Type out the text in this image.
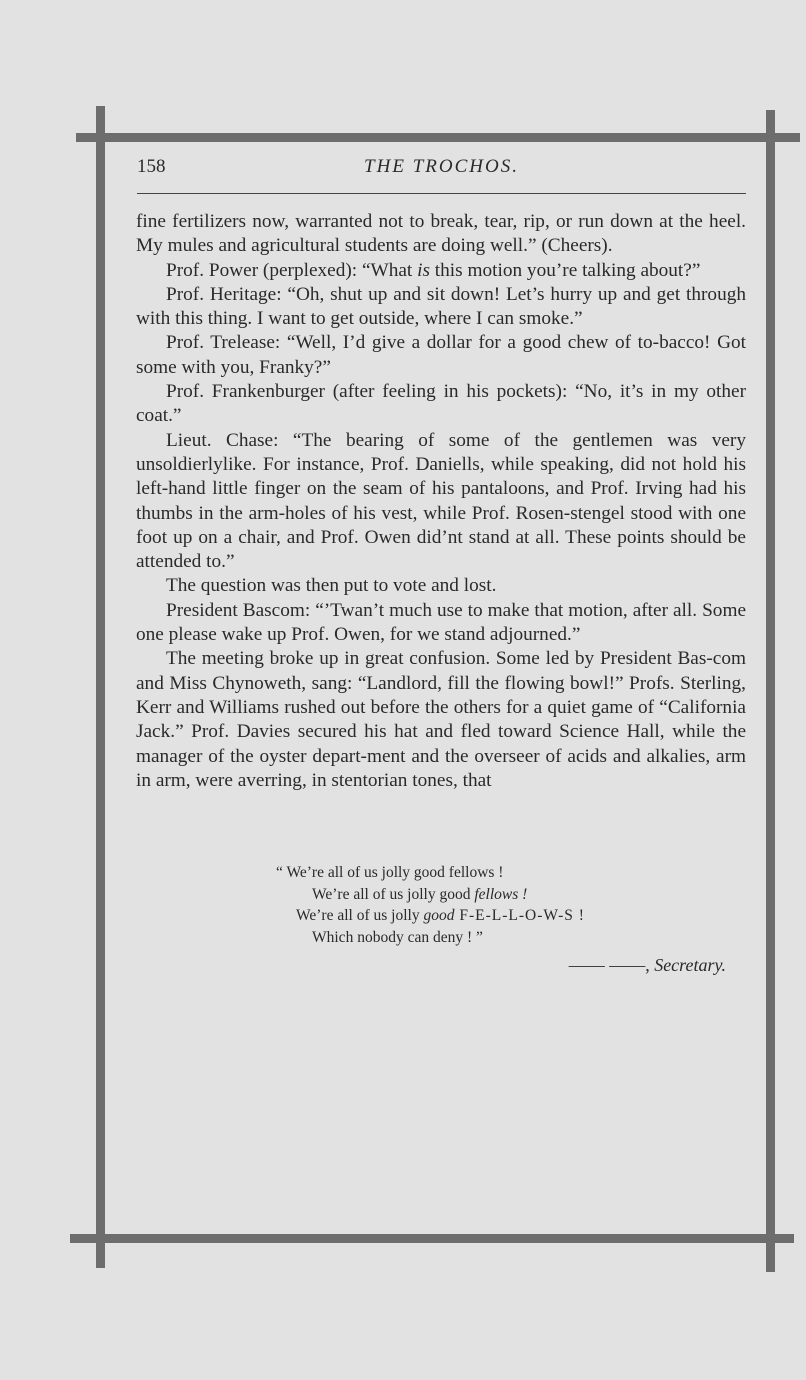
158	THE TROCHOS.

fine fertilizers now, warranted not to break, tear, rip, or run down at the heel. My mules and agricultural students are doing well.” (Cheers).

Prof. Power (perplexed): “What is this motion you’re talking about?”

Prof. Heritage: “Oh, shut up and sit down! Let’s hurry up and get through with this thing. I want to get outside, where I can smoke.”

Prof. Trelease: “Well, I’d give a dollar for a good chew of to-bacco! Got some with you, Franky?”

Prof. Frankenburger (after feeling in his pockets): “No, it’s in my other coat.”

Lieut. Chase: “The bearing of some of the gentlemen was very unsoldierlylike. For instance, Prof. Daniells, while speaking, did not hold his left-hand little finger on the seam of his pantaloons, and Prof. Irving had his thumbs in the arm-holes of his vest, while Prof. Rosen-stengel stood with one foot up on a chair, and Prof. Owen did’nt stand at all. These points should be attended to.”

The question was then put to vote and lost.

President Bascom: “’Twan’t much use to make that motion, after all. Some one please wake up Prof. Owen, for we stand adjourned.”

The meeting broke up in great confusion. Some led by President Bas-com and Miss Chynoweth, sang: “Landlord, fill the flowing bowl!” Profs. Sterling, Kerr and Williams rushed out before the others for a quiet game of “California Jack.” Prof. Davies secured his hat and fled toward Science Hall, while the manager of the oyster depart-ment and the overseer of acids and alkalies, arm in arm, were averring, in stentorian tones, that

“ We’re all of us jolly good fellows !
We’re all of us jolly good fellows !
We’re all of us jolly good F-E-L-L-O-W-S !
Which nobody can deny ! ”
—— ——, Secretary.
